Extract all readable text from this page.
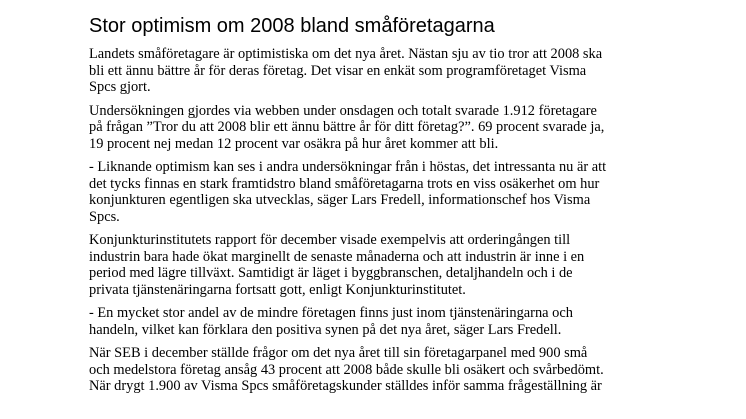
Stor optimism om 2008 bland småföretagarna

Landets småföretagare är optimistiska om det nya året. Nästan sju av tio tror att 2008 ska bli ett ännu bättre år för deras företag. Det visar en enkät som programföretaget Visma Spcs gjort.

Undersökningen gjordes via webben under onsdagen och totalt svarade 1.912 företagare på frågan ”Tror du att 2008 blir ett ännu bättre år för ditt företag?”. 69 procent svarade ja, 19 procent nej medan 12 procent var osäkra på hur året kommer att bli.

- Liknande optimism kan ses i andra undersökningar från i höstas, det intressanta nu är att det tycks finnas en stark framtidstro bland småföretagarna trots en viss osäkerhet om hur konjunkturen egentligen ska utvecklas, säger Lars Fredell, informationschef hos Visma Spcs.

Konjunkturinstitutets rapport för december visade exempelvis att orderingången till industrin bara hade ökat marginellt de senaste månaderna och att industrin är inne i en period med lägre tillväxt. Samtidigt är läget i byggbranschen, detaljhandeln och i de privata tjänstenäringarna fortsatt gott, enligt Konjunkturinstitutet.

- En mycket stor andel av de mindre företagen finns just inom tjänstenäringarna och handeln, vilket kan förklara den positiva synen på det nya året, säger Lars Fredell.

När SEB i december ställde frågor om det nya året till sin företagarpanel med 900 små och medelstora företag ansåg 43 procent att 2008 både skulle bli osäkert och svårbedömt. När drygt 1.900 av Visma Spcs småföretagskunder ställdes inför samma frågeställning är
